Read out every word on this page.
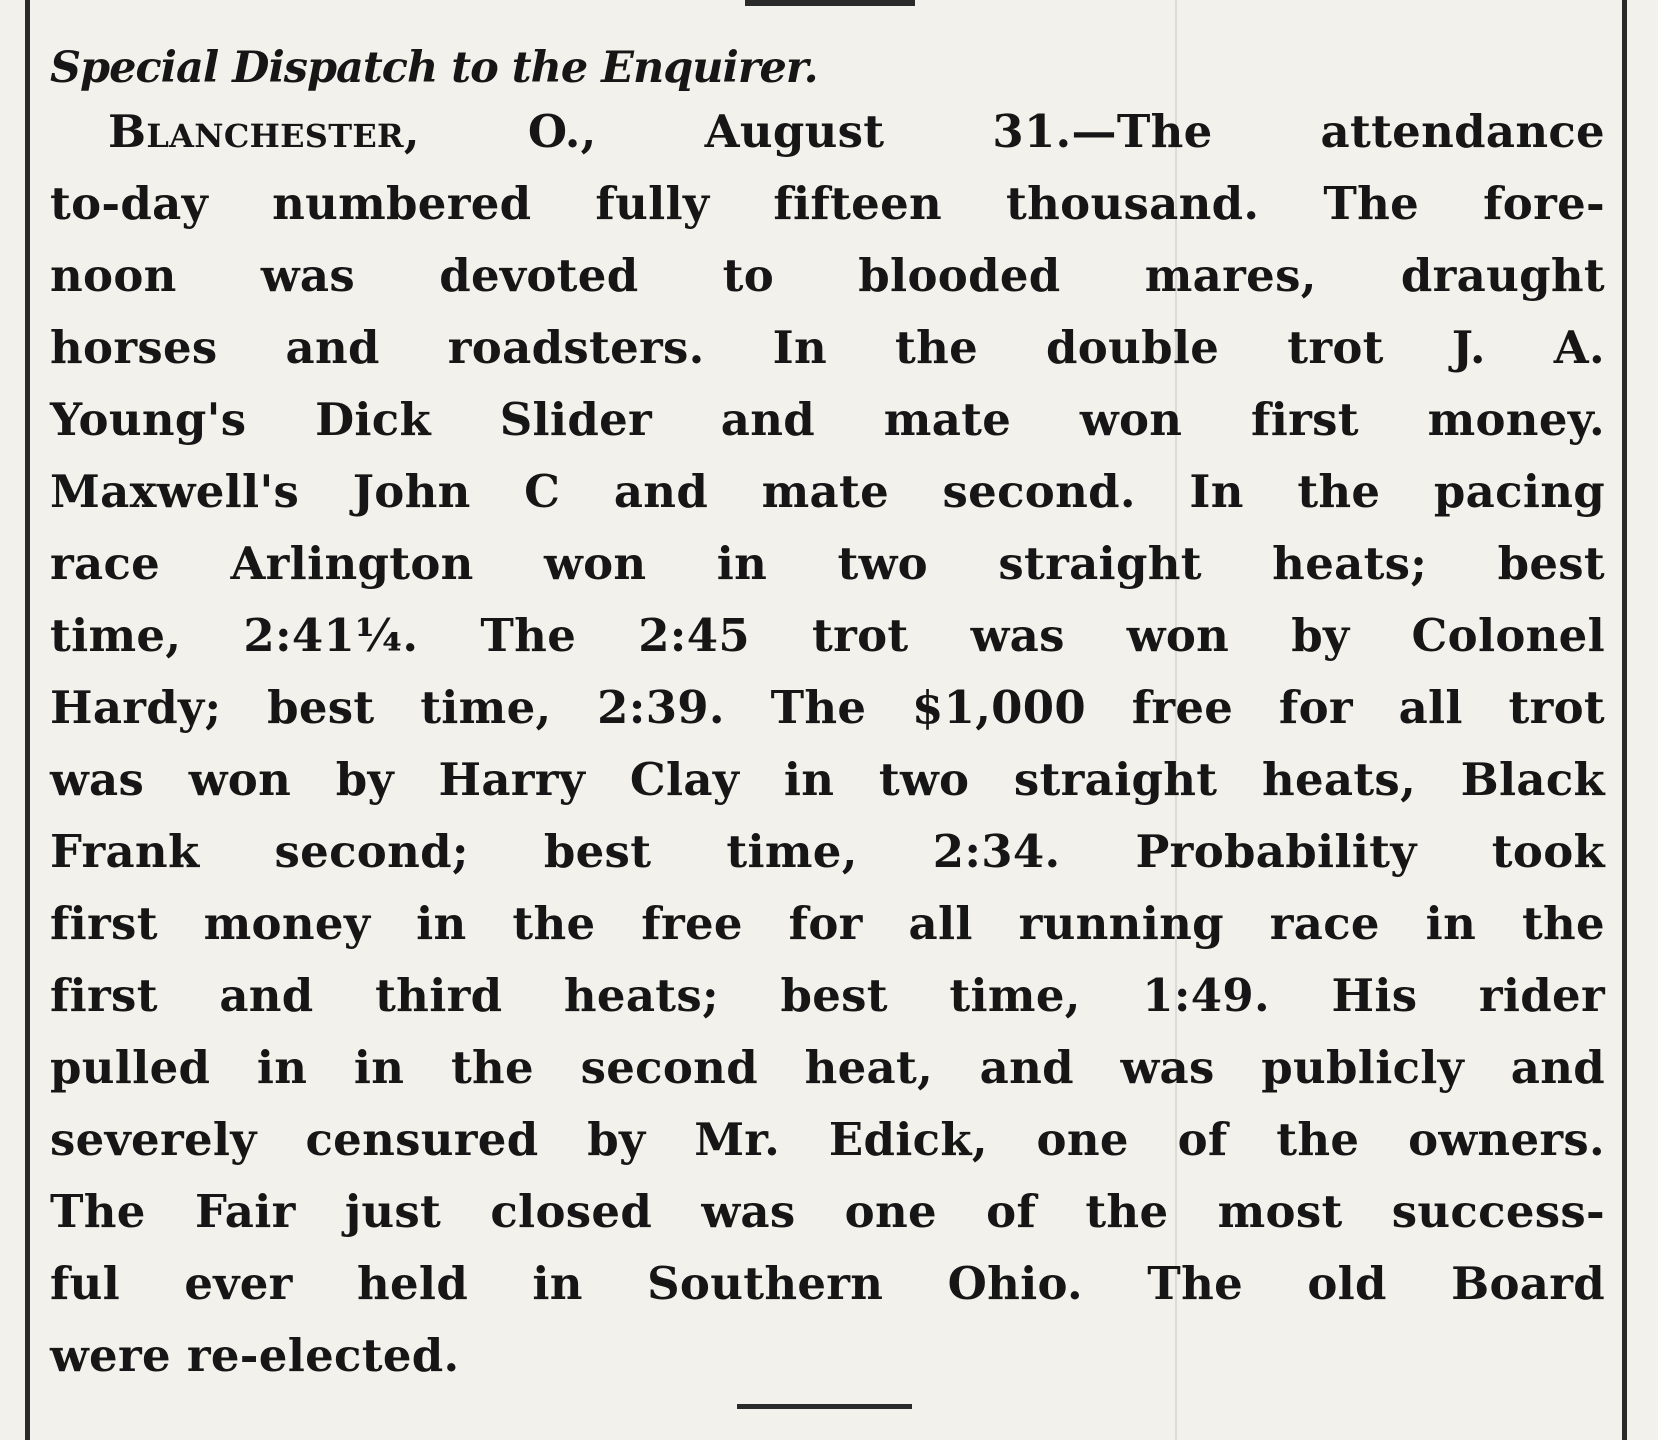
Special Dispatch to the Enquirer.
Blanchester, O., August 31.—The attendance
to-day numbered fully fifteen thousand. The fore-
noon was devoted to blooded mares, draught
horses and roadsters. In the double trot J. A.
Young's Dick Slider and mate won first money.
Maxwell's John C and mate second. In the pacing
race Arlington won in two straight heats; best
time, 2:41¼. The 2:45 trot was won by Colonel
Hardy; best time, 2:39. The $1,000 free for all trot
was won by Harry Clay in two straight heats, Black
Frank second; best time, 2:34. Probability took
first money in the free for all running race in the
first and third heats; best time, 1:49. His rider
pulled in in the second heat, and was publicly and
severely censured by Mr. Edick, one of the owners.
The Fair just closed was one of the most success-
ful ever held in Southern Ohio. The old Board
were re-elected.
